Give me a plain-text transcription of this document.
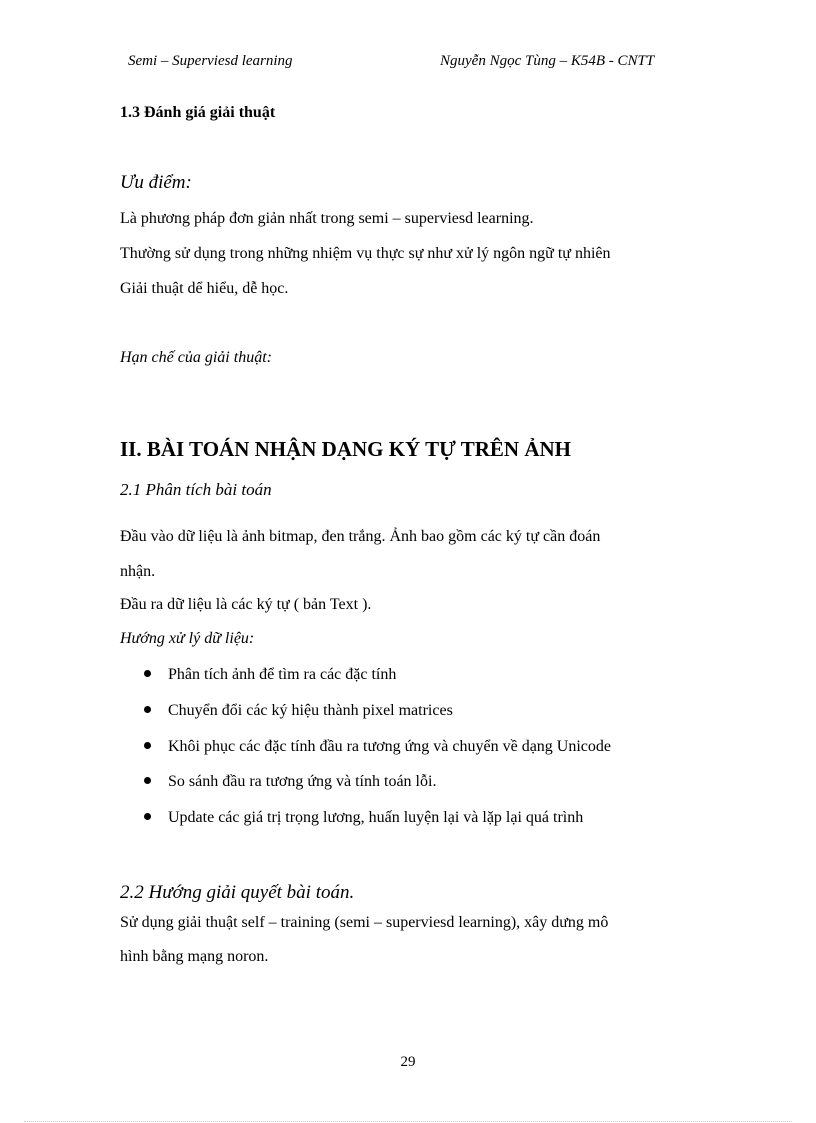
Semi – Superviesd learning	Nguyễn Ngọc Tùng – K54B - CNTT
1.3 Đánh giá giải thuật
Ưu điểm:
Là phương pháp đơn giản nhất trong semi – superviesd learning.
Thường sử dụng trong những nhiệm vụ thực sự như xử lý ngôn ngữ tự nhiên
Giải thuật dể hiểu, dễ học.
Hạn chế của giải thuật:
II. BÀI TOÁN NHẬN DẠNG KÝ TỰ TRÊN ẢNH
2.1 Phân tích bài toán
Đầu vào dữ liệu là ảnh bitmap, đen trắng. Ảnh bao gồm các ký tự cần đoán
nhận.
Đầu ra dữ liệu là các ký tự ( bản Text ).
Hướng xử lý dữ liệu:
Phân tích ảnh để tìm ra các đặc tính
Chuyển đổi các ký hiệu thành pixel matrices
Khôi phục các đặc tính đầu ra tương ứng và chuyển về dạng Unicode
So sánh đầu ra tương ứng và tính toán lỗi.
Update các giá trị trọng lương, huấn luyện lại và lặp lại quá trình
2.2 Hướng giải quyết bài toán.
Sử dụng giải thuật self – training (semi – superviesd learning), xây dưng mô
hình bằng mạng noron.
29
